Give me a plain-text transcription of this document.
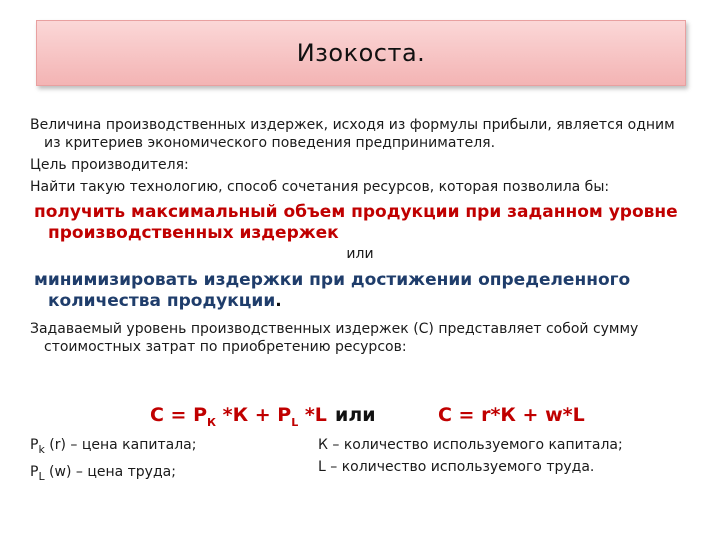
Изокоста.

Величина производственных издержек, исходя из формулы прибыли, является одним из критериев экономического поведения предпринимателя.

Цель производителя:

Найти такую технологию, способ сочетания ресурсов, которая позволила бы:

получить максимальный объем продукции при заданном уровне производственных издержек

или

минимизировать издержки при достижении определенного количества продукции.

Задаваемый уровень производственных издержек (С) представляет собой сумму стоимостных затрат по приобретению ресурсов:

$С = Р_К$ $*К + Р_L$ *L или	С = r*К + w*L
$Р_k$ (r) – цена капитала;
$Р_L$ (w) – цена труда;
К – количество используемого капитала;
L – количество используемого труда.
